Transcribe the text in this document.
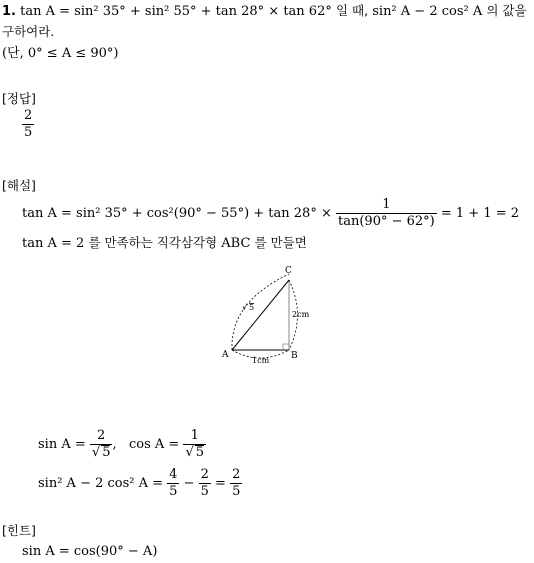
1. tan A = sin² 35° + sin² 55° + tan 28° × tan 62° 일 때, sin² A − 2 cos² A 의 값을
구하여라.
(단, 0° ≤ A ≤ 90°)
[정답]
$\frac{2}{5}$
[해설]
tan A = sin² $35^\circ + \cos^2(90^\circ - 55^\circ) + \tan 28^\circ \times \frac{1}{\tan(90^\circ - 62^\circ)} = 1 + 1 = 2$
tan A = 2 를 만족하는 직각삼각형 ABC 를 만들면
C
A	B
√ 5
2cm
1cm
$\sin A = \frac{2}{√ 5}$ ,   $\cos A = \frac{1}{√ 5}$
sin² A − 2 cos² $A = \frac{4}{5} - \frac{2}{5} = \frac{2}{5}$
[힌트]
sin A = cos(90° − A)
